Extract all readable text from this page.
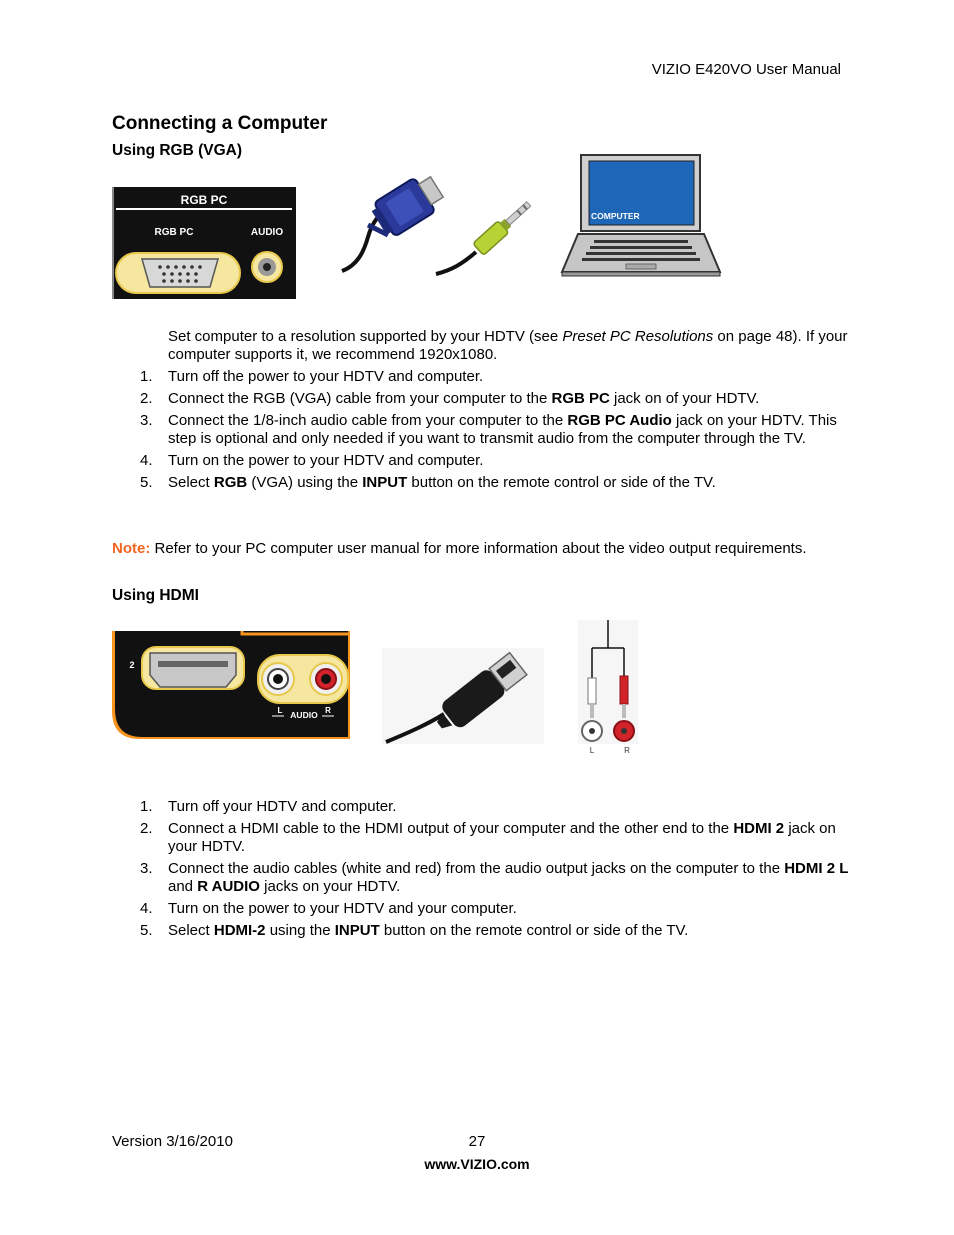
VIZIO E420VO User Manual
Connecting a Computer
Using RGB (VGA)
RGB PC
RGB PC	AUDIO
COMPUTER
Set computer to a resolution supported by your HDTV (see Preset PC Resolutions on page 48). If your computer supports it, we recommend 1920x1080.
1. Turn off the power to your HDTV and computer.
2. Connect the RGB (VGA) cable from your computer to the RGB PC jack on of your HDTV.
3. Connect the 1/8-inch audio cable from your computer to the RGB PC Audio jack on your HDTV. This step is optional and only needed if you want to transmit audio from the computer through the TV.
4. Turn on the power to your HDTV and computer.
5. Select RGB (VGA) using the INPUT button on the remote control or side of the TV.
Note: Refer to your PC computer user manual for more information about the video output requirements.
Using HDMI
2
L AUDIO R
L	R
1. Turn off your HDTV and computer.
2. Connect a HDMI cable to the HDMI output of your computer and the other end to the HDMI 2 jack on your HDTV.
3. Connect the audio cables (white and red) from the audio output jacks on the computer to the HDMI 2 L and R AUDIO jacks on your HDTV.
4. Turn on the power to your HDTV and your computer.
5. Select HDMI-2 using the INPUT button on the remote control or side of the TV.
Version 3/16/2010	27
www.VIZIO.com
